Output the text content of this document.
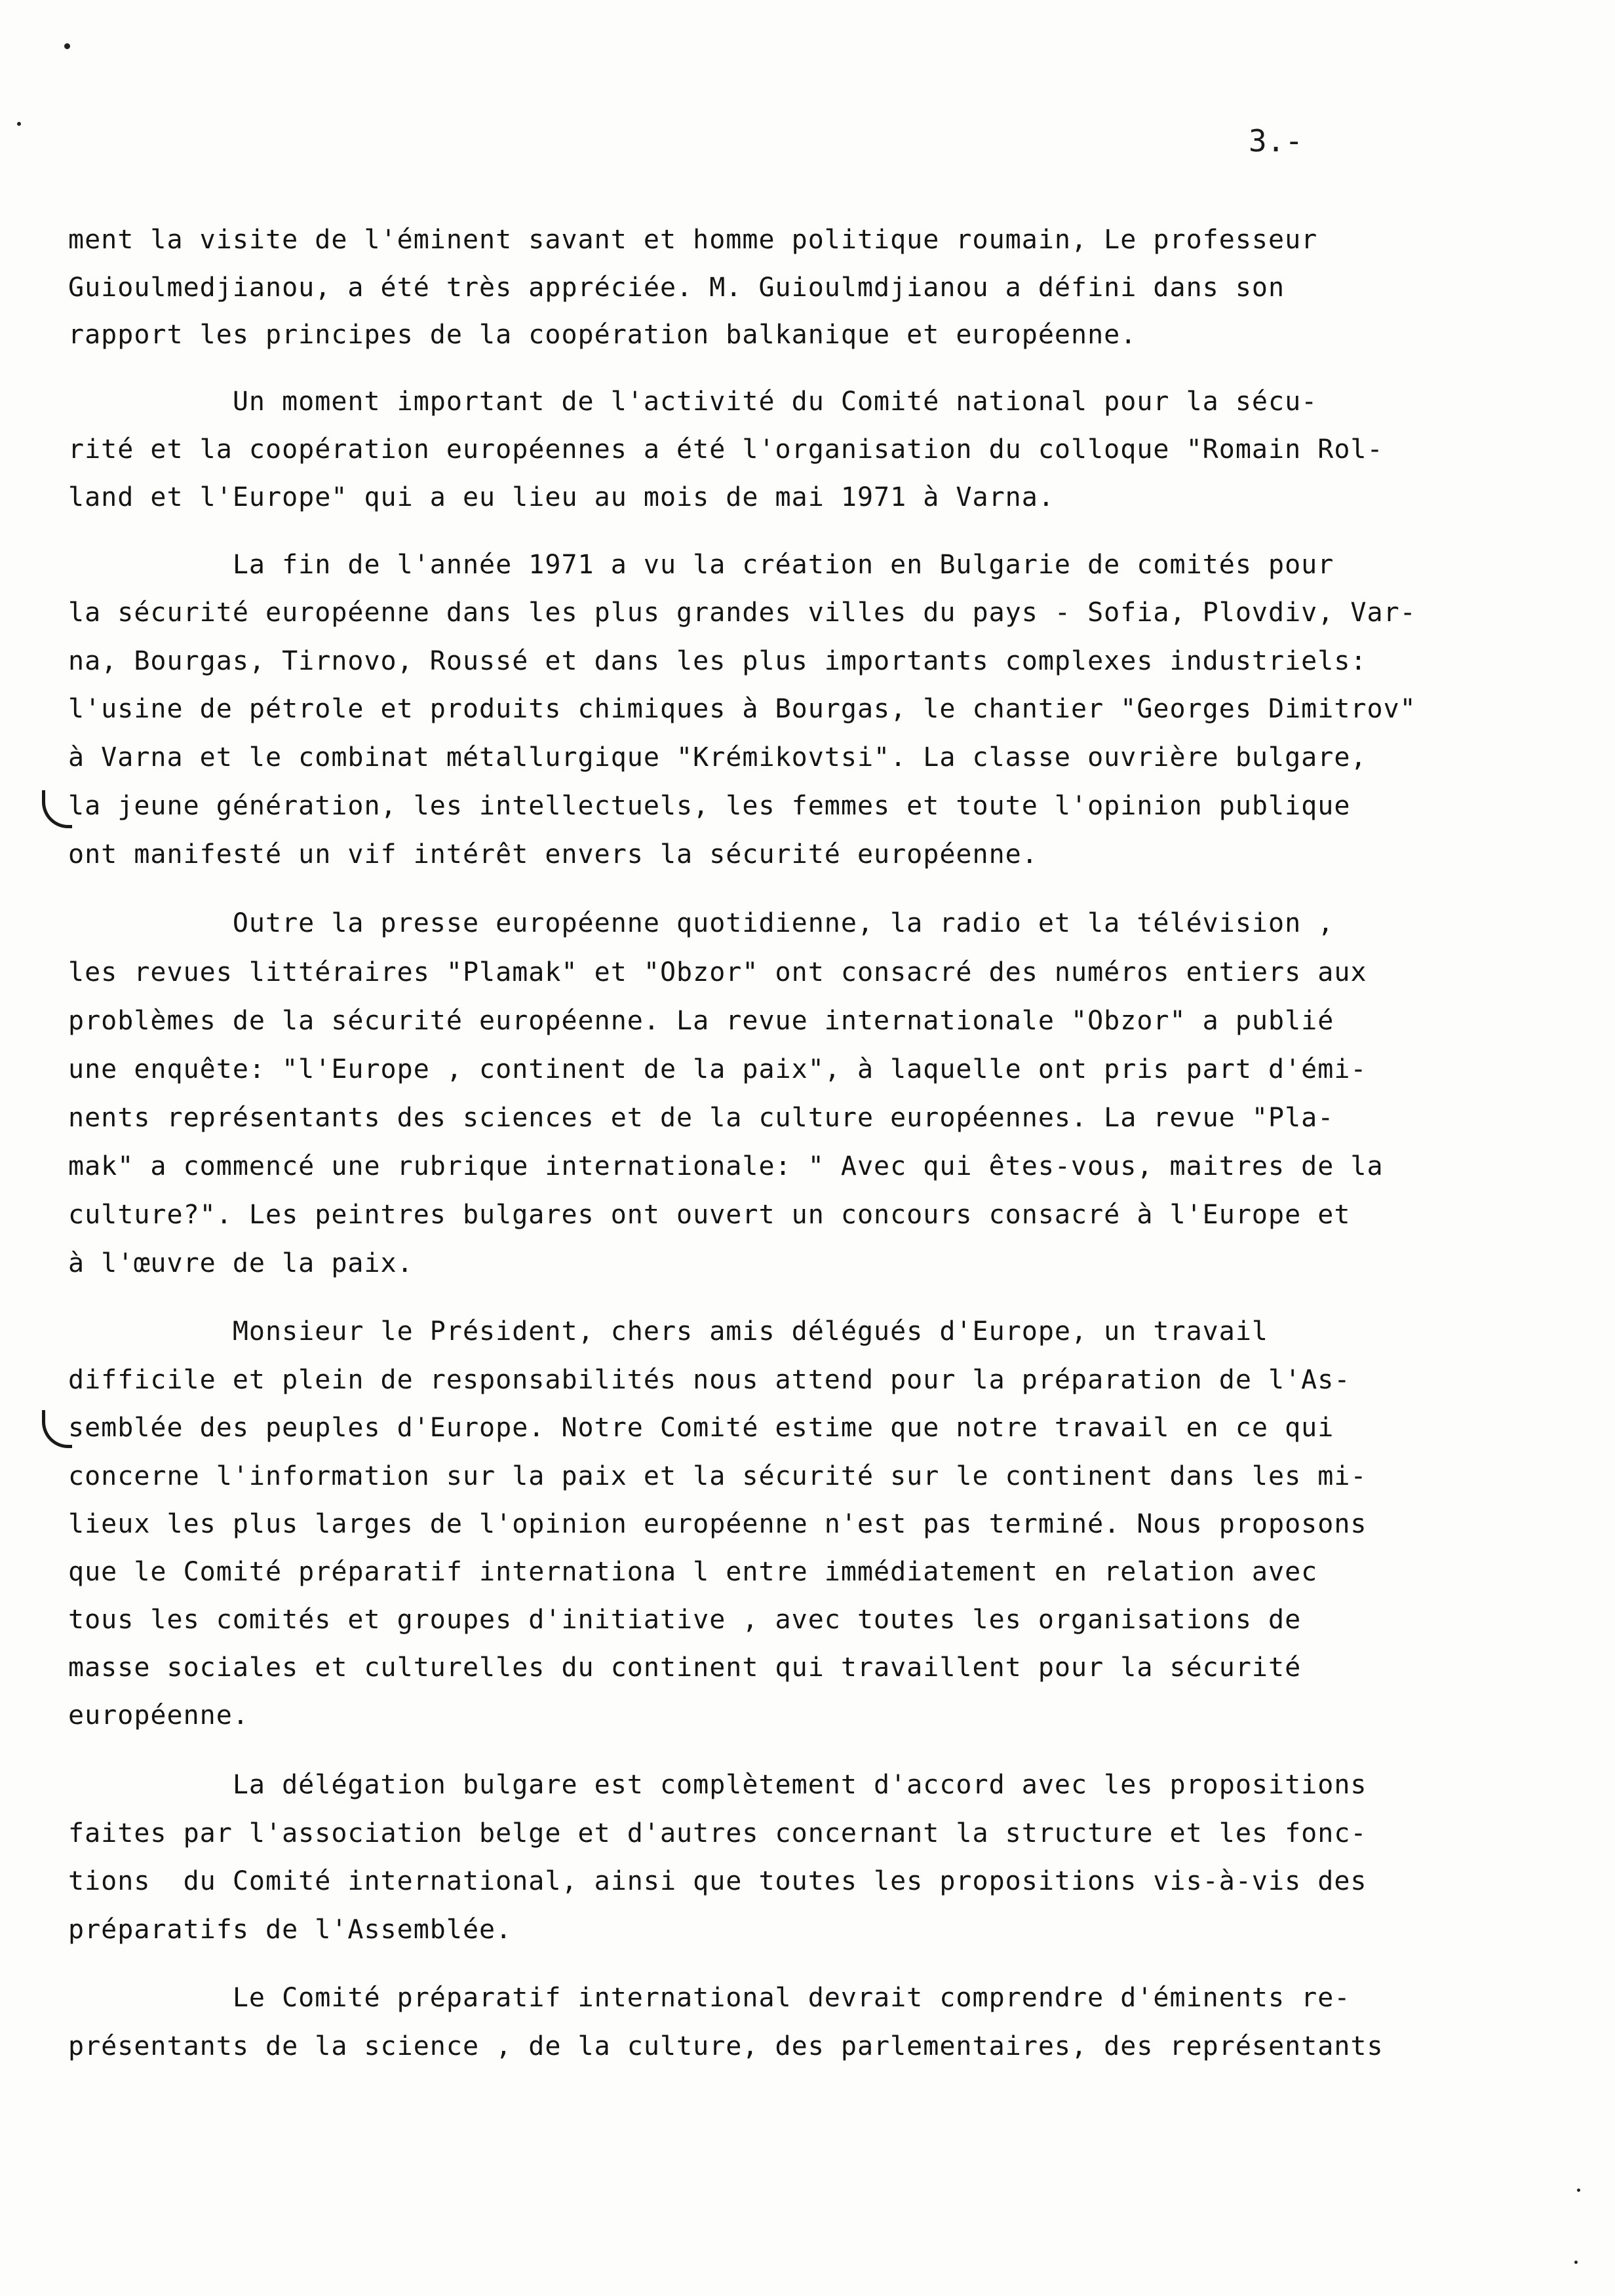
3.-
ment la visite de l'éminent savant et homme politique roumain, Le professeur
Guioulmedjianou, a été très appréciée. M. Guioulmdjianou a défini dans son
rapport les principes de la coopération balkanique et européenne.
Un moment important de l'activité du Comité national pour la sécu-
rité et la coopération européennes a été l'organisation du colloque "Romain Rol-
land et l'Europe" qui a eu lieu au mois de mai 1971 à Varna.
La fin de l'année 1971 a vu la création en Bulgarie de comités pour
la sécurité européenne dans les plus grandes villes du pays - Sofia, Plovdiv, Var-
na, Bourgas, Tirnovo, Roussé et dans les plus importants complexes industriels:
l'usine de pétrole et produits chimiques à Bourgas, le chantier "Georges Dimitrov"
à Varna et le combinat métallurgique "Krémikovtsi". La classe ouvrière bulgare,
la jeune génération, les intellectuels, les femmes et toute l'opinion publique
ont manifesté un vif intérêt envers la sécurité européenne.
Outre la presse européenne quotidienne, la radio et la télévision ,
les revues littéraires "Plamak" et "Obzor" ont consacré des numéros entiers aux
problèmes de la sécurité européenne. La revue internationale "Obzor" a publié
une enquête: "l'Europe , continent de la paix", à laquelle ont pris part d'émi-
nents représentants des sciences et de la culture européennes. La revue "Pla-
mak" a commencé une rubrique internationale: " Avec qui êtes-vous, maitres de la
culture?". Les peintres bulgares ont ouvert un concours consacré à l'Europe et
à l'œuvre de la paix.
Monsieur le Président, chers amis délégués d'Europe, un travail
difficile et plein de responsabilités nous attend pour la préparation de l'As-
semblée des peuples d'Europe. Notre Comité estime que notre travail en ce qui
concerne l'information sur la paix et la sécurité sur le continent dans les mi-
lieux les plus larges de l'opinion européenne n'est pas terminé. Nous proposons
que le Comité préparatif internationa l entre immédiatement en relation avec
tous les comités et groupes d'initiative , avec toutes les organisations de
masse sociales et culturelles du continent qui travaillent pour la sécurité
européenne.
La délégation bulgare est complètement d'accord avec les propositions
faites par l'association belge et d'autres concernant la structure et les fonc-
tions  du Comité international, ainsi que toutes les propositions vis-à-vis des
préparatifs de l'Assemblée.
Le Comité préparatif international devrait comprendre d'éminents re-
présentants de la science , de la culture, des parlementaires, des représentants
